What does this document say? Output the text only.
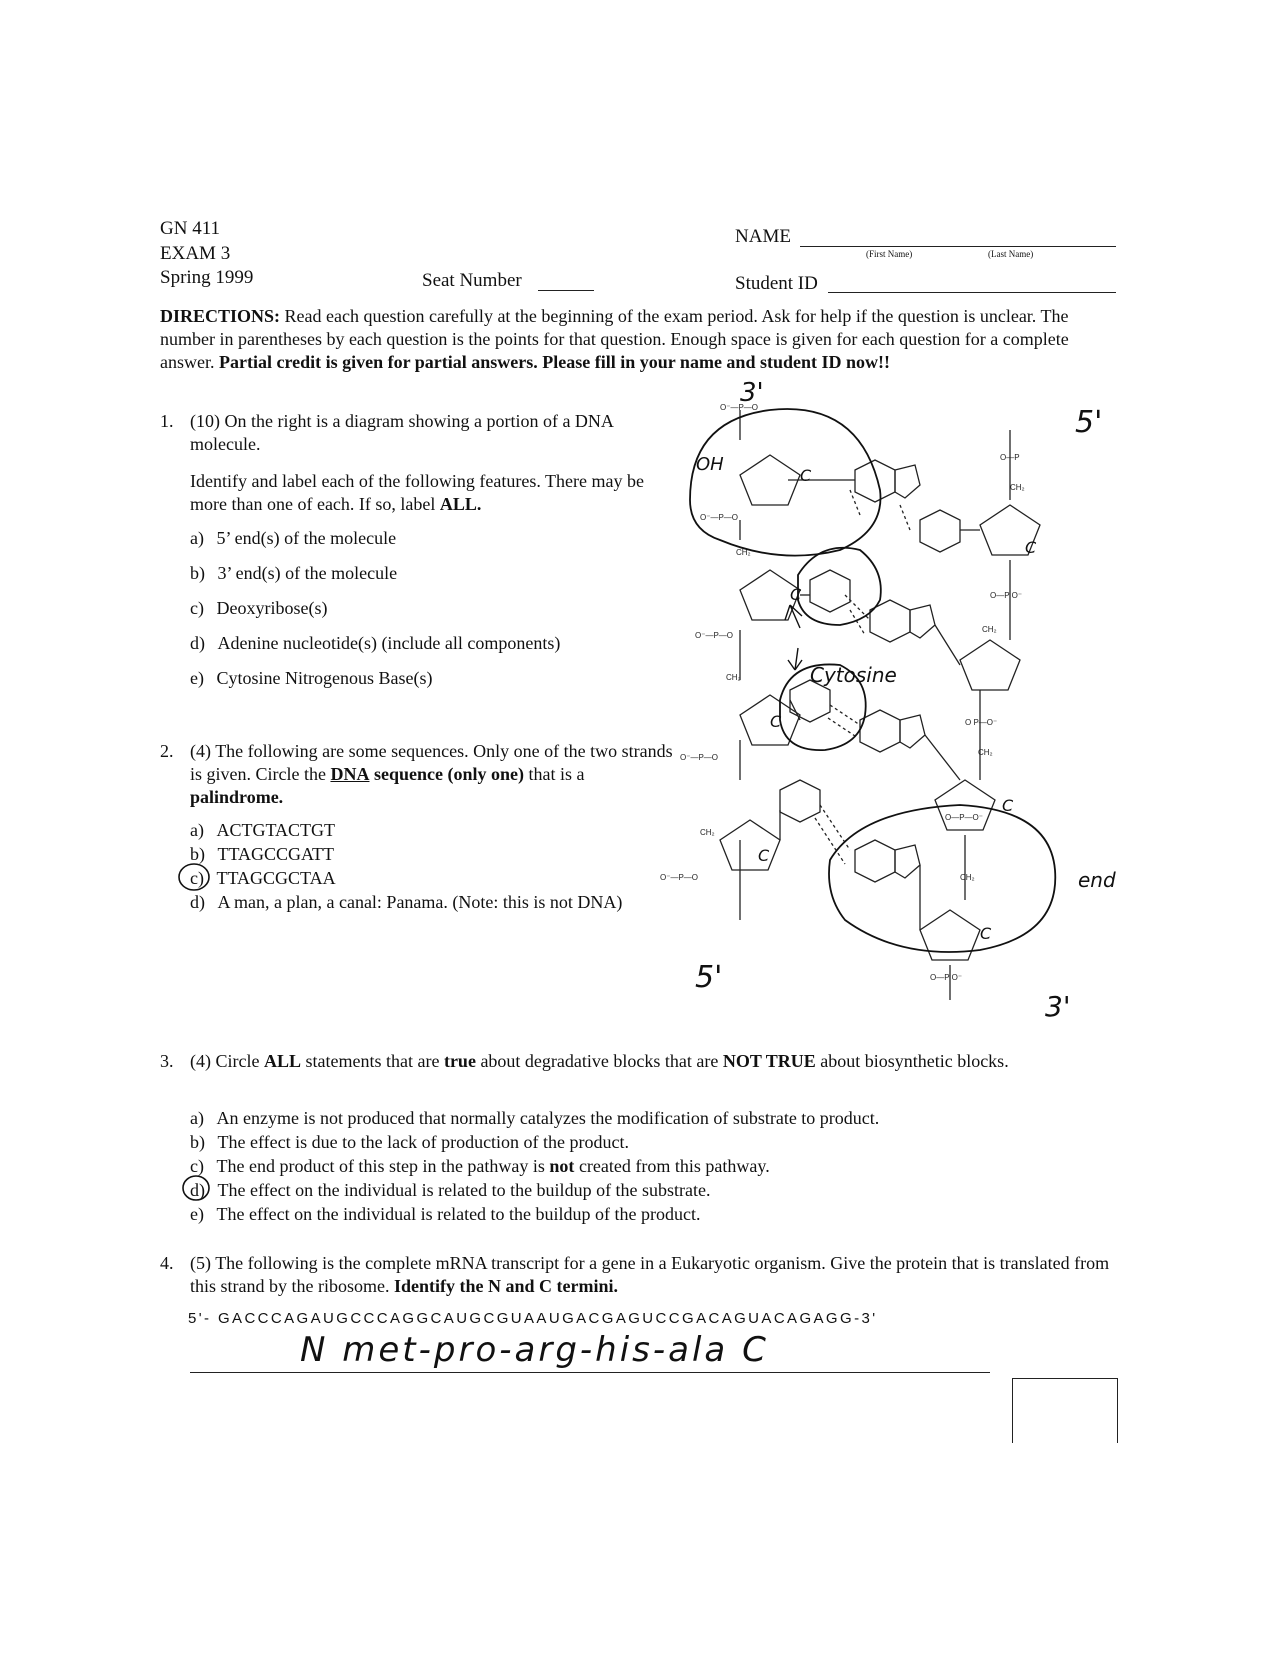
GN 411
EXAM 3
Spring 1999	Seat Number
NAME
(First Name)	(Last Name)
Student ID
DIRECTIONS: Read each question carefully at the beginning of the exam period. Ask for help if the question is unclear. The number in parentheses by each question is the points for that question. Enough space is given for each question for a complete answer. Partial credit is given for partial answers. Please fill in your name and student ID now!!
1. (10) On the right is a diagram showing a portion of a DNA molecule.
Identify and label each of the following features. There may be more than one of each. If so, label ALL.
a) 5’ end(s) of the molecule
b) 3’ end(s) of the molecule
c) Deoxyribose(s)
d) Adenine nucleotide(s) (include all components)
e) Cytosine Nitrogenous Base(s)
2. (4) The following are some sequences. Only one of the two strands is given. Circle the DNA sequence (only one) that is a palindrome.
a) ACTGTACTGT
b) TTAGCCGATT
c) TTAGCGCTAA
d) A man, a plan, a canal: Panama. (Note: this is not DNA)
O⁻—P—O
O⁻—P—O
O⁻—P—O
O⁻—P—O
O⁻—P—O
O—P
O—P O⁻
O P—O⁻
O—P—O⁻
O—P O⁻
CH₂
CH₂
CH₂
CH₂
CH₂
CH₂
CH₂
3'
5'
OH
Cytosine
5'
3'
end
C
C
C
C
C
C
C
3. (4) Circle ALL statements that are true about degradative blocks that are NOT TRUE about biosynthetic blocks.
a) An enzyme is not produced that normally catalyzes the modification of substrate to product.
b) The effect is due to the lack of production of the product.
c) The end product of this step in the pathway is not created from this pathway.
d) The effect on the individual is related to the buildup of the substrate.
e) The effect on the individual is related to the buildup of the product.
4. (5) The following is the complete mRNA transcript for a gene in a Eukaryotic organism. Give the protein that is translated from this strand by the ribosome. Identify the N and C termini.
5'- GACCCAGAUGCCCAGGCAUGCGUAAUGACGAGUCCGACAGUACAGAGG-3'
N met-pro-arg-his-ala C
